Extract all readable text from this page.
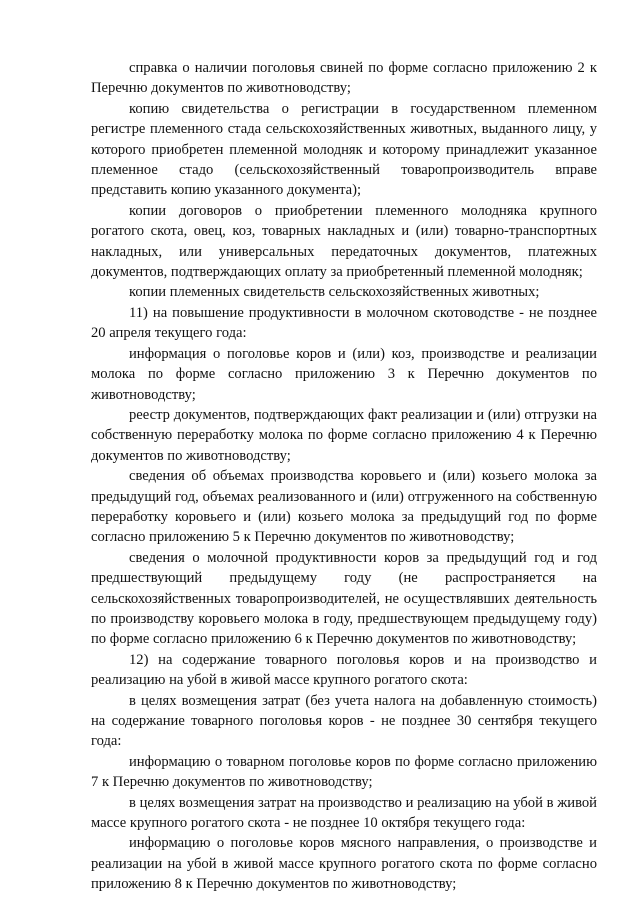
справка о наличии поголовья свиней по форме согласно приложению 2 к Перечню документов по животноводству;

копию свидетельства о регистрации в государственном племенном регистре племенного стада сельскохозяйственных животных, выданного лицу, у которого приобретен племенной молодняк и которому принадлежит указанное племенное стадо (сельскохозяйственный товаропроизводитель вправе представить копию указанного документа);

копии договоров о приобретении племенного молодняка крупного рогатого скота, овец, коз, товарных накладных и (или) товарно-транспортных накладных, или универсальных передаточных документов, платежных документов, подтверждающих оплату за приобретенный племенной молодняк;

копии племенных свидетельств сельскохозяйственных животных;

11) на повышение продуктивности в молочном скотоводстве - не позднее 20 апреля текущего года:

информация о поголовье коров и (или) коз, производстве и реализации молока по форме согласно приложению 3 к Перечню документов по животноводству;

реестр документов, подтверждающих факт реализации и (или) отгрузки на собственную переработку молока по форме согласно приложению 4 к Перечню документов по животноводству;

сведения об объемах производства коровьего и (или) козьего молока за предыдущий год, объемах реализованного и (или) отгруженного на собственную переработку коровьего и (или) козьего молока за предыдущий год по форме согласно приложению 5 к Перечню документов по животноводству;

сведения о молочной продуктивности коров за предыдущий год и год предшествующий предыдущему году (не распространяется на сельскохозяйственных товаропроизводителей, не осуществлявших деятельность по производству коровьего молока в году, предшествующем предыдущему году) по форме согласно приложению 6 к Перечню документов по животноводству;

12) на содержание товарного поголовья коров и на производство и реализацию на убой в живой массе крупного рогатого скота:

в целях возмещения затрат (без учета налога на добавленную стоимость) на содержание товарного поголовья коров - не позднее 30 сентября текущего года:

информацию о товарном поголовье коров по форме согласно приложению 7 к Перечню документов по животноводству;

в целях возмещения затрат на производство и реализацию на убой в живой массе крупного рогатого скота - не позднее 10 октября текущего года:

информацию о поголовье коров мясного направления, о производстве и реализации на убой в живой массе крупного рогатого скота по форме согласно приложению 8 к Перечню документов по животноводству;
